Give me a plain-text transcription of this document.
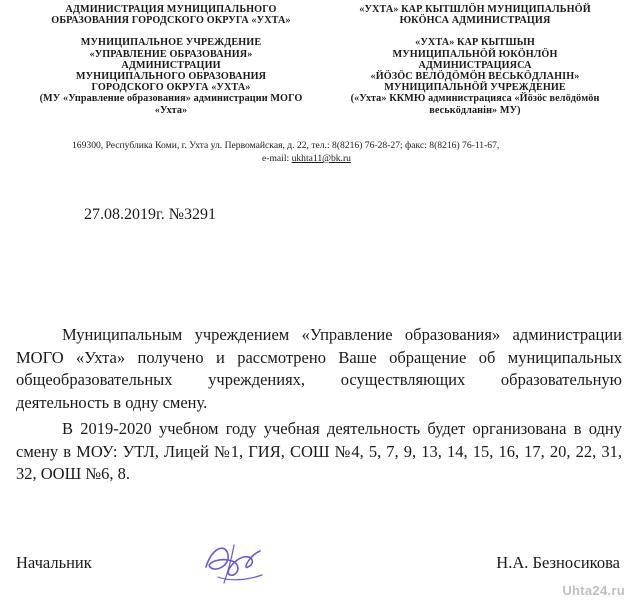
АДМИНИСТРАЦИЯ МУНИЦИПАЛЬНОГО
ОБРАЗОВАНИЯ ГОРОДСКОГО ОКРУГА «УХТА»
МУНИЦИПАЛЬНОЕ УЧРЕЖДЕНИЕ
«УПРАВЛЕНИЕ ОБРАЗОВАНИЯ»
АДМИНИСТРАЦИИ
МУНИЦИПАЛЬНОГО ОБРАЗОВАНИЯ
ГОРОДСКОГО ОКРУГА «УХТА»
(МУ «Управление образования» администрации МОГО
«Ухта»
«УХТА» КАР КЫТШЛӦН МУНИЦИПАЛЬНӦЙ
ЮКӦНСА АДМИНИСТРАЦИЯ
«УХТА» КАР КЫТШЫН
МУНИЦИПАЛЬНӦЙ ЮКӦНЛӦН
АДМИНИСТРАЦИЯСА
«ЙӦЗӦС ВЕЛӦДӦМӦН ВЕСЬКӦДЛАНІН»
МУНИЦИПАЛЬНӦЙ УЧРЕЖДЕНИЕ
(«Ухта» ККМЮ администрацияса «Йӧзӧс велӧдӧмӧн
веськӧдланін» МУ)
169300, Республика Коми, г. Ухта ул. Первомайская, д. 22, тел.: 8(8216) 76-28-27; факс: 8(8216) 76-11-67,
e-mail: ukhta11@bk.ru
27.08.2019г. №3291
Муниципальным учреждением «Управление образования» администрации МОГО «Ухта» получено и рассмотрено Ваше обращение об муниципальных общеобразовательных учреждениях, осуществляющих образовательную деятельность в одну смену.
В 2019-2020 учебном году учебная деятельность будет организована в одну смену в МОУ: УТЛ, Лицей №1, ГИЯ, СОШ №4, 5, 7, 9, 13, 14, 15, 16, 17, 20, 22, 31, 32, ООШ №6, 8.
Начальник	Н.А. Безносикова
Uhta24.ru
